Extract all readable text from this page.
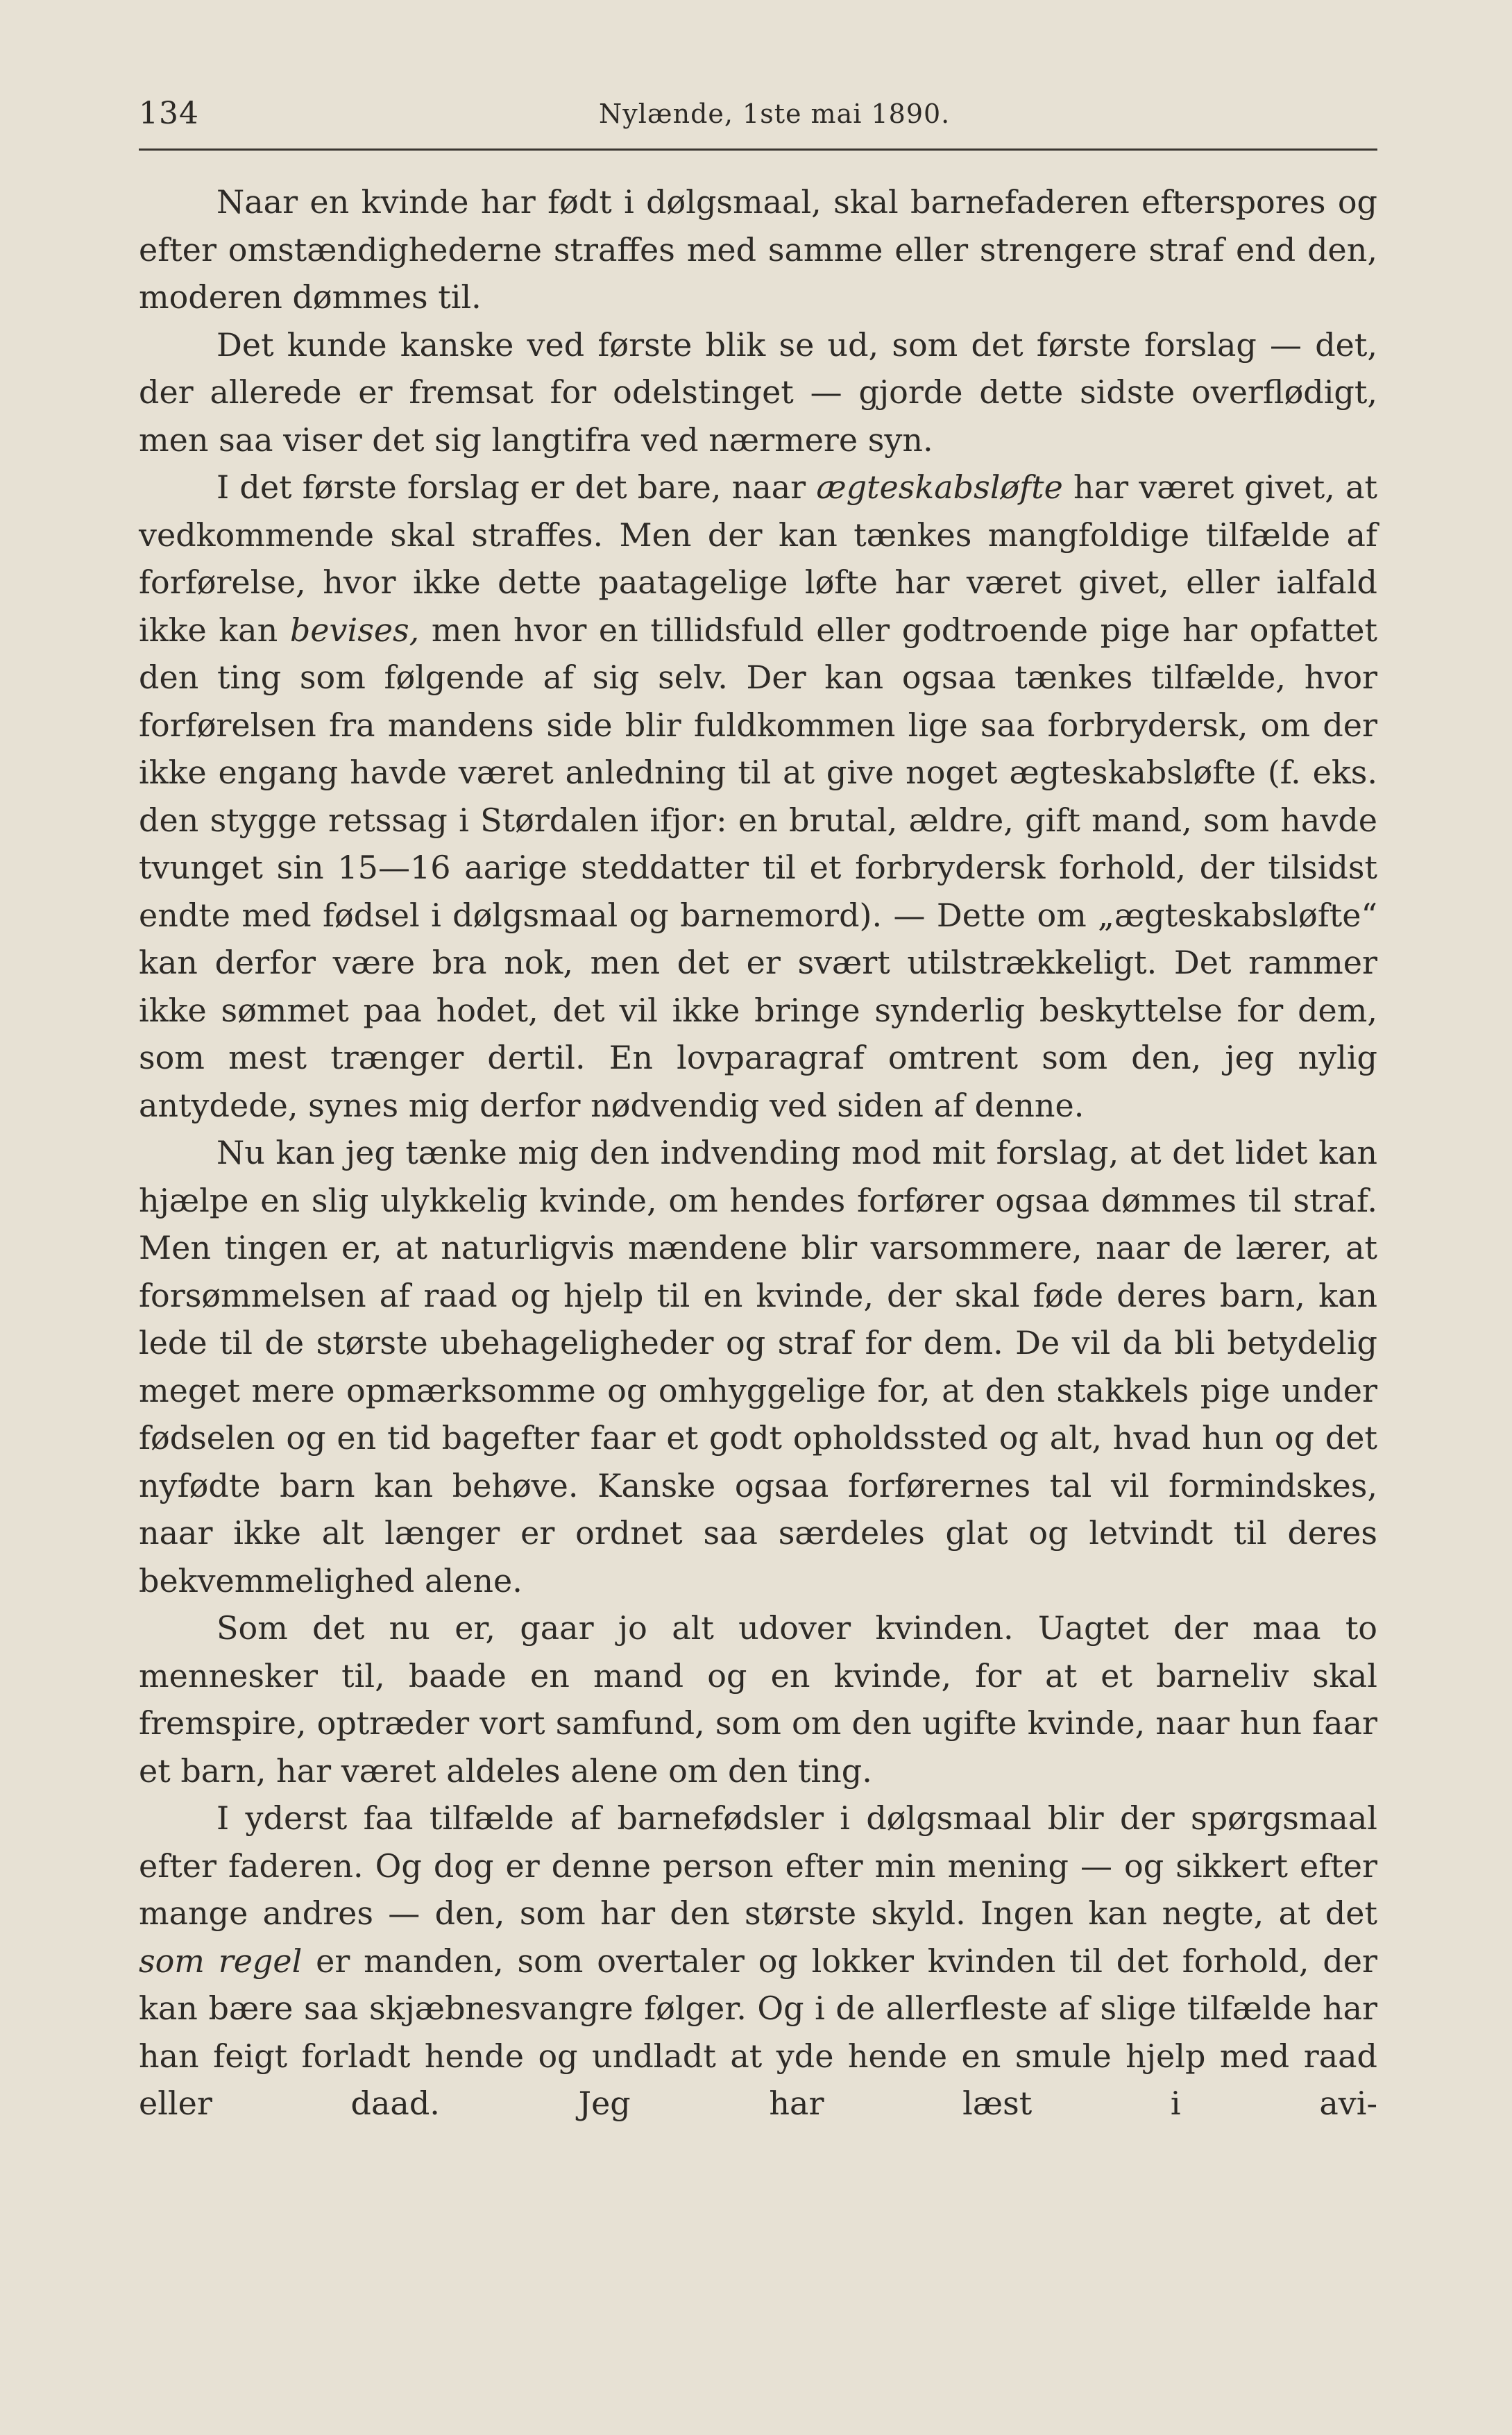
134	Nylænde, 1ste mai 1890.

Naar en kvinde har født i dølgsmaal, skal barnefaderen efterspores og efter omstændighederne straffes med samme eller strengere straf end den, moderen dømmes til.

Det kunde kanske ved første blik se ud, som det første forslag — det, der allerede er fremsat for odelstinget — gjorde dette sidste overflødigt, men saa viser det sig langtifra ved nærmere syn.

I det første forslag er det bare, naar ægteskabsløfte har været givet, at vedkommende skal straffes. Men der kan tænkes mangfoldige tilfælde af forførelse, hvor ikke dette paatagelige løfte har været givet, eller ialfald ikke kan bevises, men hvor en tillidsfuld eller godtroende pige har opfattet den ting som følgende af sig selv. Der kan ogsaa tænkes tilfælde, hvor forførelsen fra mandens side blir fuldkommen lige saa forbrydersk, om der ikke engang havde været anledning til at give noget ægteskabsløfte (f. eks. den stygge retssag i Størdalen ifjor: en brutal, ældre, gift mand, som havde tvunget sin 15—16 aarige steddatter til et forbrydersk forhold, der tilsidst endte med fødsel i dølgsmaal og barnemord). — Dette om „ægteskabsløfte“ kan derfor være bra nok, men det er svært utilstrækkeligt. Det rammer ikke sømmet paa hodet, det vil ikke bringe synderlig beskyttelse for dem, som mest trænger dertil. En lovparagraf omtrent som den, jeg nylig antydede, synes mig derfor nødvendig ved siden af denne.

Nu kan jeg tænke mig den indvending mod mit forslag, at det lidet kan hjælpe en slig ulykkelig kvinde, om hendes forfører ogsaa dømmes til straf. Men tingen er, at naturligvis mændene blir varsommere, naar de lærer, at forsømmelsen af raad og hjelp til en kvinde, der skal føde deres barn, kan lede til de største ubehageligheder og straf for dem. De vil da bli betydelig meget mere opmærksomme og omhyggelige for, at den stakkels pige under fødselen og en tid bagefter faar et godt opholdssted og alt, hvad hun og det nyfødte barn kan behøve. Kanske ogsaa forførernes tal vil formindskes, naar ikke alt længer er ordnet saa særdeles glat og letvindt til deres bekvemmelighed alene.

Som det nu er, gaar jo alt udover kvinden. Uagtet der maa to mennesker til, baade en mand og en kvinde, for at et barneliv skal fremspire, optræder vort samfund, som om den ugifte kvinde, naar hun faar et barn, har været aldeles alene om den ting.

I yderst faa tilfælde af barnefødsler i dølgsmaal blir der spørgsmaal efter faderen. Og dog er denne person efter min mening — og sikkert efter mange andres — den, som har den største skyld. Ingen kan negte, at det som regel er manden, som overtaler og lokker kvinden til det forhold, der kan bære saa skjæbnesvangre følger. Og i de allerfleste af slige tilfælde har han feigt forladt hende og undladt at yde hende en smule hjelp med raad eller daad. Jeg har læst i avi-
